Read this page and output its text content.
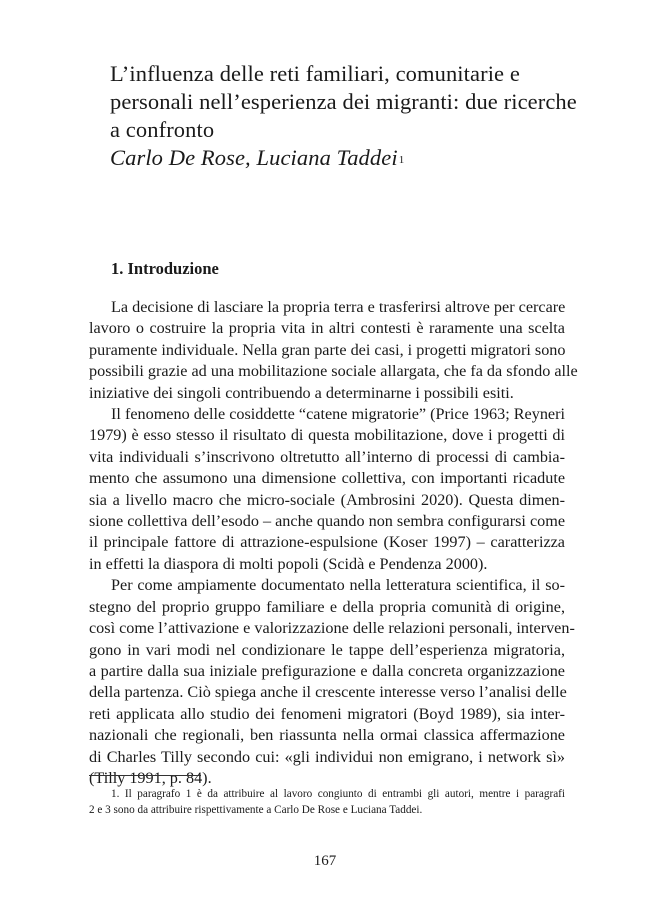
L’influenza delle reti familiari, comunitarie e
personali nell’esperienza dei migranti: due ricerche
a confronto
Carlo De Rose, Luciana Taddei$^1$
1. Introduzione
La decisione di lasciare la propria terra e trasferirsi altrove per cercare
lavoro o costruire la propria vita in altri contesti è raramente una scelta
puramente individuale. Nella gran parte dei casi, i progetti migratori sono
possibili grazie ad una mobilitazione sociale allargata, che fa da sfondo alle
iniziative dei singoli contribuendo a determinarne i possibili esiti.
Il fenomeno delle cosiddette “catene migratorie” (Price 1963; Reyneri
1979) è esso stesso il risultato di questa mobilitazione, dove i progetti di
vita individuali s’inscrivono oltretutto all’interno di processi di cambia-
mento che assumono una dimensione collettiva, con importanti ricadute
sia a livello macro che micro-sociale (Ambrosini 2020). Questa dimen-
sione collettiva dell’esodo – anche quando non sembra configurarsi come
il principale fattore di attrazione-espulsione (Koser 1997) – caratterizza
in effetti la diaspora di molti popoli (Scidà e Pendenza 2000).
Per come ampiamente documentato nella letteratura scientifica, il so-
stegno del proprio gruppo familiare e della propria comunità di origine,
così come l’attivazione e valorizzazione delle relazioni personali, interven-
gono in vari modi nel condizionare le tappe dell’esperienza migratoria,
a partire dalla sua iniziale prefigurazione e dalla concreta organizzazione
della partenza. Ciò spiega anche il crescente interesse verso l’analisi delle
reti applicata allo studio dei fenomeni migratori (Boyd 1989), sia inter-
nazionali che regionali, ben riassunta nella ormai classica affermazione
di Charles Tilly secondo cui: «gli individui non emigrano, i network sì»
(Tilly 1991, p. 84).
1. Il paragrafo 1 è da attribuire al lavoro congiunto di entrambi gli autori, mentre i paragrafi
2 e 3 sono da attribuire rispettivamente a Carlo De Rose e Luciana Taddei.
167
